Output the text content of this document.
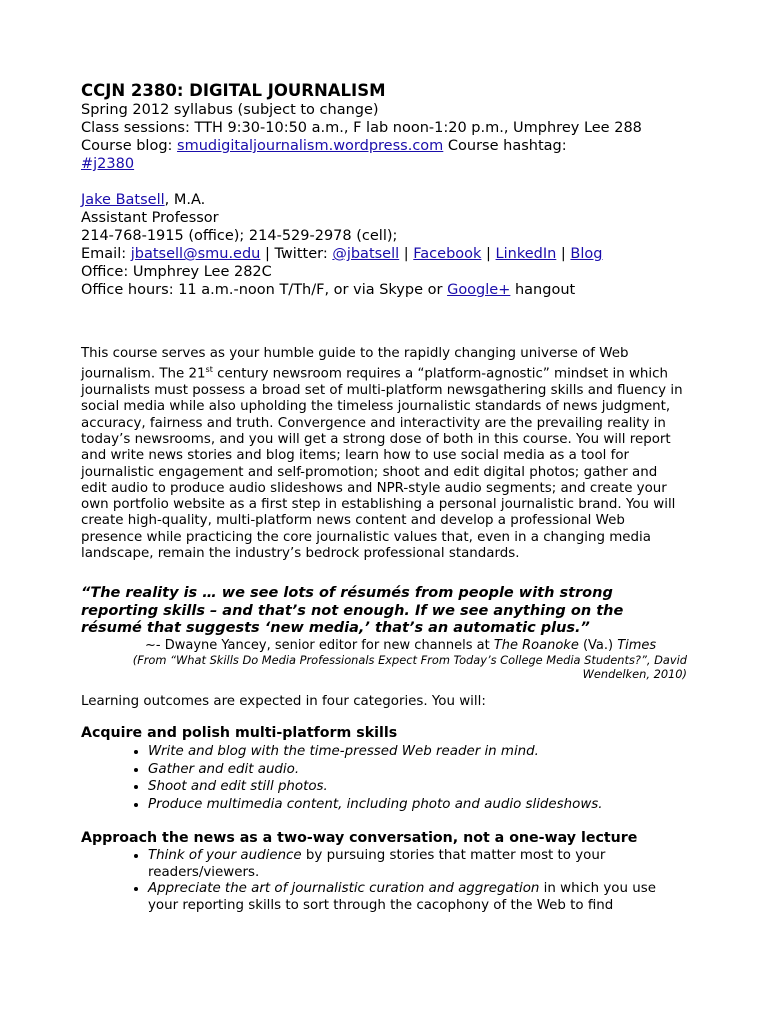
CCJN 2380: DIGITAL JOURNALISM

Spring 2012 syllabus (subject to change)

Class sessions: TTH 9:30-10:50 a.m., F lab noon-1:20 p.m., Umphrey Lee 288

Course blog: smudigitaljournalism.wordpress.com Course hashtag:

#j2380

Jake Batsell, M.A.

Assistant Professor

214-768-1915 (office); 214-529-2978 (cell);

Email: jbatsell@smu.edu | Twitter: @jbatsell | Facebook | LinkedIn | Blog

Office: Umphrey Lee 282C

Office hours: 11 a.m.-noon T/Th/F, or via Skype or Google+ hangout

This course serves as your humble guide to the rapidly changing universe of Web journalism. The 21st century newsroom requires a “platform-agnostic” mindset in which journalists must possess a broad set of multi-platform newsgathering skills and fluency in social media while also upholding the timeless journalistic standards of news judgment, accuracy, fairness and truth. Convergence and interactivity are the prevailing reality in today’s newsrooms, and you will get a strong dose of both in this course. You will report and write news stories and blog items; learn how to use social media as a tool for journalistic engagement and self-promotion; shoot and edit digital photos; gather and edit audio to produce audio slideshows and NPR-style audio segments; and create your own portfolio website as a first step in establishing a personal journalistic brand. You will create high-quality, multi-platform news content and develop a professional Web presence while practicing the core journalistic values that, even in a changing media landscape, remain the industry’s bedrock professional standards.

“The reality is … we see lots of résumés from people with strong reporting skills – and that’s not enough. If we see anything on the résumé that suggests ‘new media,’ that’s an automatic plus.”

~- Dwayne Yancey, senior editor for new channels at The Roanoke (Va.) Times

(From “What Skills Do Media Professionals Expect From Today’s College Media Students?”, David Wendelken, 2010)

Learning outcomes are expected in four categories. You will:

Acquire and polish multi-platform skills

• Write and blog with the time-pressed Web reader in mind.
• Gather and edit audio.
• Shoot and edit still photos.
• Produce multimedia content, including photo and audio slideshows.

Approach the news as a two-way conversation, not a one-way lecture

• Think of your audience by pursuing stories that matter most to your readers/viewers.
• Appreciate the art of journalistic curation and aggregation in which you use your reporting skills to sort through the cacophony of the Web to find
